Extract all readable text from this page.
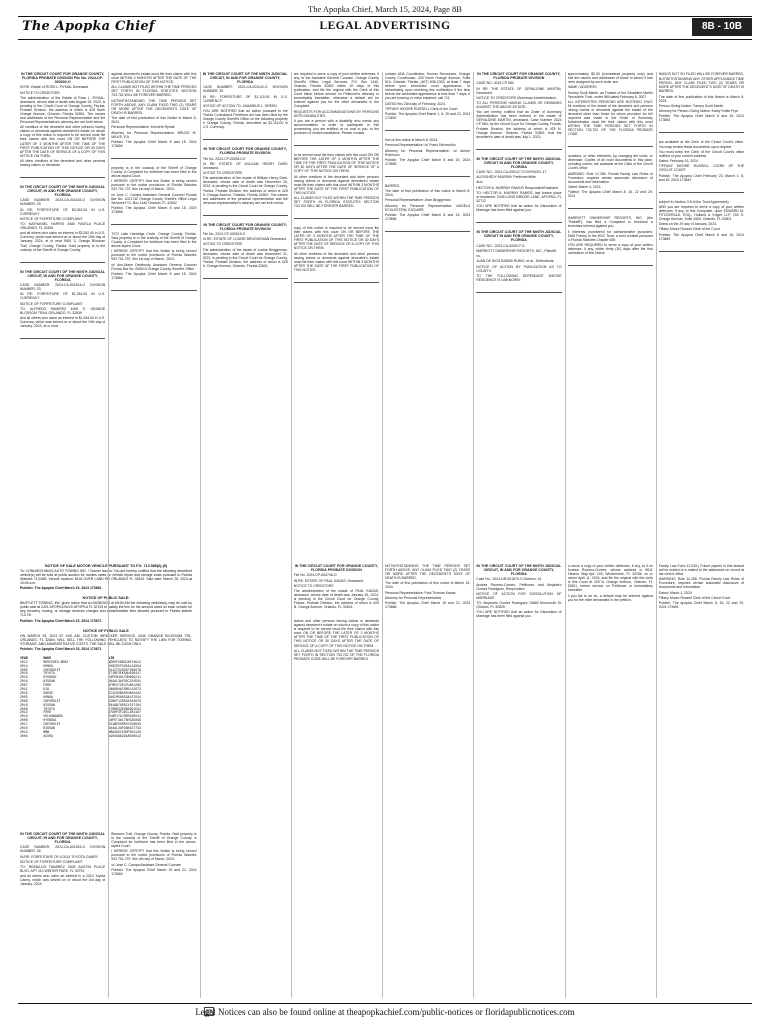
The Apopka Chief, March 15, 2024, Page 8B
The Apopka Chief	LEGAL ADVERTISING	8B - 10B

IN THE CIRCUIT COURT FOR ORANGE COUNTY, FLORIDA PROBATE DIVISION File No. 2024-CP-000300-O

IN RE: Estate of ROSS L. RYMAL Deceased.

NOTICE TO CREDITORS

The administration of the Estate of Ross L. RYMAL, deceased, whose date of death was August 15, 2023, is pending in the Circuit Court of Orange County, Florida, Probate Division, the address of which is 425 North Orange Avenue, Orlando, Florida 32801. The names and addresses of the Personal Representative and the Personal Representative's attorney are set forth below.

All creditors of the decedent and other persons having claims or demands against decedent's estate on whom a copy of this notice is required to be served must file their claims with this court ON OR BEFORE THE LATER OF 3 MONTHS AFTER THE TIME OF THE FIRST PUBLICATION OF THIS NOTICE OR 30 DAYS AFTER THE DATE OF SERVICE OF A COPY OF THIS NOTICE ON THEM.

All other creditors of the decedent and other persons having claims or demands

IN THE CIRCUIT COURT OF THE NINTH JUDICIAL CIRCUIT, IN AND FOR ORANGE COUNTY, FLORIDA

CASE NUMBER: 2024-CA-001163-O DIVISION NUMBER: 33

IN RE: FORFEITURE OF $3,262.00 IN U.S. CURRENCY

NOTICE OF FORFEITURE COMPLAINT

TO: NATHANIEL HARRIS 3480 FAVELA PLACE ORLANDO, FL 32839

and all others who claim an interest in $3,262.00 in U.S. Currency, which was seized on or about the 15th day of January, 2024, at or near 5901 S. Orange Blossom Trail, Orange County, Florida. Said property is in the custody of the Sheriff of Orange County.

IN THE CIRCUIT COURT OF THE NINTH JUDICIAL CIRCUIT, IN AND FOR ORANGE COUNTY, FLORIDA

CASE NUMBER: 2024-CA-001614-O DIVISION NUMBER: 33

IN RE: FORFEITURE OF $1,284.00 IN U.S. CURRENCY

NOTICE OF FORFEITURE COMPLAINT

TO: ALFREDO RAMIREZ 4905 S. ORANGE BLOSSOM TRAIL ORLANDO, FL 32839

and all others who claim an interest in $1,284.00 in U.S. Currency, which was seized on or about the 19th day of January, 2024, at or near

against decedent's estate must file their claims with this court WITHIN 3 MONTHS AFTER THE DATE OF THE FIRST PUBLICATION OF THIS NOTICE.

ALL CLAIMS NOT FILED WITHIN THE TIME PERIODS SET FORTH IN FLORIDA STATUTES SECTION 733.702 WILL BE FOREVER BARRED.

NOTWITHSTANDING THE TIME PERIODS SET FORTH ABOVE, ANY CLAIM FILED TWO (2) YEARS OR MORE AFTER THE DECEDENT'S DATE OF DEATH IS BARRED.

The date of first publication of this Notice is March 8, 2024.

Personal Representative: Kenneth Rymal

Attorney for Personal Representative: BRUCE M. WILKE, P.A.

Publish: The Apopka Chief March 8 and 15, 2024 173654

property is in the custody of the Sheriff of Orange County. A Complaint for forfeiture has been filed in the above-styled Court.

I HEREBY CERTIFY that this Notice is being served pursuant to the notice provisions of Florida Statutes 932.701-707, this 1st day of March, 2024.

/s/ Jose C. Campa Assistant General Counsel Florida Bar No. 1021740 Orange County Sheriff's Office Legal Services P.O. Box 1440 Orlando, FL 32802

Publish: The Apopka Chief March 8 and 15, 2024 173658

7972 Lake Hartridge Circle, Orange County, Florida. Said property is in the custody of the Sheriff of Orange County. A Complaint for forfeiture has been filed in the above-styled Court.

I HEREBY CERTIFY that this Notice is being served pursuant to the notice provisions of Florida Statutes 932.701-707, this 1st day of March, 2024.

/s/ Ann-Marie Delahunty Assistant General Counsel Florida Bar No. 006513 Orange County Sheriff's Office

Publish: The Apopka Chief March 8 and 15, 2024 173660

IN THE CIRCUIT COURT OF THE NINTH JUDICIAL CIRCUIT, IN AND FOR ORANGE COUNTY, FLORIDA

CASE NUMBER: 2024-CA-001142-O DIVISION NUMBER: 35

IN RE: FORFEITURE OF $1,115.00 IN U.S. CURRENCY

NOTICE OF ACTION TO: JAMARIUS L. GREEN

YOU ARE NOTIFIED that an action pursuant to the Florida Contraband Forfeiture Act has been filed by the Orange County Sheriff's Office on the following property in Orange County, Florida, described as $1,115.00 in U.S. Currency.

IN THE CIRCUIT COURT FOR ORANGE COUNTY, FLORIDA PROBATE DIVISION

File No. 2024-CP-000510-O

IN RE: ESTATE OF WILLIAM HENRY DARK Deceased.

NOTICE TO CREDITORS

The administration of the estate of William Henry Dark, deceased, whose date of death was December 16, 2023, is pending in the Circuit Court for Orange County, Florida, Probate Division, the address of which is 425 N. Orange Avenue, Orlando, Florida 32801. The names and addresses of the personal representative and the personal representative's attorney are set forth below.

IN THE CIRCUIT COURT FOR ORANGE COUNTY, FLORIDA PROBATE DIVISION

File No. 2024-CP-000619-O

IN RE: ESTATE OF LOUISE BRUGGEMAN Deceased.

NOTICE TO CREDITORS

The administration of the estate of Louise Bruggeman, deceased, whose date of death was November 21, 2023, is pending in the Circuit Court for Orange County, Florida, Probate Division, the address of which is 425 N. Orange Avenue, Orlando, Florida 32801.

are required to serve a copy of your written defenses, if any, to the Assistant General Counsel, Orange County Sheriff's Office, Legal Services, P.O. Box 1440, Orlando, Florida 32802 within 20 days of this publication, and file the original with the Clerk of this Court either before service on Petitioner's attorney or immediately thereafter; otherwise a default will be entered against you for the relief demanded in the Complaint.

REQUESTS FOR ACCOMMODATIONS BY PERSONS WITH DISABILITIES.

If you are a person with a disability who needs any accommodation in order to participate in this proceeding, you are entitled, at no cost to you, to the provision of certain assistance. Please contact

to be served must file their claims with this court ON OR BEFORE THE LATER OF 3 MONTHS AFTER THE TIME OF THE FIRST PUBLICATION OF THIS NOTICE OR 30 DAYS AFTER THE DATE OF SERVICE OF A COPY OF THIS NOTICE ON THEM.

All other creditors of the decedent and other persons having claims or demands against decedent's estate must file their claims with this court WITHIN 3 MONTHS AFTER THE DATE OF THE FIRST PUBLICATION OF THIS NOTICE.

ALL CLAIMS NOT FILED WITHIN THE TIME PERIODS SET FORTH IN FLORIDA STATUTES SECTION 733.702 WILL BE FOREVER BARRED.

copy of this notice is required to be served must file their claims with this court ON OR BEFORE THE LATER OF 3 MONTHS AFTER THE TIME OF THE FIRST PUBLICATION OF THIS NOTICE OR 30 DAYS AFTER THE DATE OF SERVICE OF A COPY OF THIS NOTICE ON THEM.

All other creditors of the decedent and other persons having claims or demands against decedent's estate must file their claims with this court WITHIN 3 MONTHS AFTER THE DATE OF THE FIRST PUBLICATION OF THIS NOTICE.

contact ADA Coordinator, Human Resources, Orange County Courthouse, 425 North Orange Avenue, Suite 510, Orlando, Florida, (407) 836-2303, at least 7 days before your scheduled court appearance, or immediately upon receiving this notification if the time before the scheduled appearance is less than 7 days; if you are hearing or voice impaired, call 711.

DATED this 23rd day of February, 2024.

TIFFANY MOORE RUSSELL Clerk of the Court

Publish: The Apopka Chief March 1, 8, 15 and 22, 2024 173630

tion of this notice is March 8, 2024.

Personal Representative: /s/ Frank Delvecchio

Attorney for Personal Representative: /s/ Amber Robinson

Publish: The Apopka Chief March 8 and 15, 2024 173655

BARRED.

The date of first publication of this notice is March 8, 2024.

Personal Representative: Jean Bruggeman

Attorney for Personal Representative: ANGELA ECKLESTEIN, ESQUIRE

Publish: The Apopka Chief March 8 and 15, 2024 173656

IN THE CIRCUIT COURT FOR ORANGE COUNTY, FLORIDA PROBATE DIVISION

CASE NO. 2024 CP 584

IN RE: THE ESTATE OF GERALDINE MARTIN, Deceased.

NOTICE TO CREDITORS (Summary Administration)

TO ALL PERSONS HAVING CLAIMS OR DEMANDS AGAINST THE ABOVE ESTATE:

You are hereby notified that an Order of Summary Administration has been entered in the estate of GERALDINE MARTIN, deceased, Case Number 2024 CP 584, by the Circuit Court for Orange County, Florida, Probate Division, the address of which is 425 N. Orange Avenue, Orlando, Florida 32801; that the decedent's date of death was July 1, 2023.

IN THE CIRCUIT COURT OF THE NINTH JUDICIAL CIRCUIT IN AND FOR ORANGE COUNTY, FLORIDA

CASE NO.: 2024-CA-000127-O DIVISION: 47

ALEXSHEDY MURRAY Petitioner/Wife

And

HECTOR A. MURRAY RAMOS Respondent/Husband

TO: HECTOR A. MURRAY RAMOS, last known place of residence: 2445 LONG BRIDGE LANE, APOPKA, FL 32712

YOU ARE NOTIFIED that an action for Dissolution of Marriage has been filed against you.

IN THE CIRCUIT COURT OF THE NINTH JUDICIAL CIRCUIT IN AND FOR ORANGE COUNTY, FLORIDA

CASE NO.: 2023-CA-009017-O

MARRIOTT OWNERSHIP RESORTS, INC., Plaintiff,

vs.

JUAN DE DIOS BARBA RUBIO, et al., Defendants.

NOTICE OF ACTION BY PUBLICATION AS TO COUNT II

TO THE FOLLOWING DEFENDANT WHOSE RESIDENCE IS UNKNOWN:

approximately $0.00 (homestead property only) and that the names and addresses of those to whom it has been assigned by such order are:

NAME / ADDRESS

Tommy Scott Martin, as Trustee of the Geraldine Martin Revocable Trust, under Will dated February 6, 2007.

ALL INTERESTED PERSONS ARE NOTIFIED THAT: All creditors of the estate of the decedent and persons having claims or demands against the estate of the decedent other than those for whom provision for full payment was made in the Order of Summary Administration must file their claims with this court WITHIN THE TIME PERIODS SET FORTH IN SECTION 733.702 OF THE FLORIDA PROBATE CODE.

locations, or other elements, by changing the locks, or otherwise. Copies of all court documents in this case, including orders, are available at the Clerk of the Circuit Court's office.

WARNING: Rule 12.285, Florida Family Law Rules of Procedure, requires certain automatic disclosure of documents and information.

Dated: March 4, 2024

Publish: The Apopka Chief March 8, 15, 22 and 29, 2024

MARRIOTT OWNERSHIP RESORTS, INC. (the "Plaintiff"), has filed a Complaint to foreclose a timeshare interest against you.

4 Interests (numbered for administrative purposes: 1969 Points) in the MVC Trust, a trust created pursuant to Florida Statutes Chapter 689.

YOU ARE REQUIRED to serve a copy of your written defenses, if any, within thirty (30) days after the first publication of this Notice.

NANOS NOT SO FILED WILL BE FOREVER BARRED.

NOTWITHSTANDING ANY OTHER APPLICABLE TIME PERIOD, ANY CLAIM FILED TWO (2) YEARS OR MORE AFTER THE DECEDENT'S DATE OF DEATH IS BARRED.

The date of first publication of this Notice is March 8, 2024.

Person Giving Notice: Tommy Scott Martin

Attorney for Person Giving Notice: Kathy Smith Frye

Publish: The Apopka Chief March 8 and 15, 2024 173653

are available at the Clerk of the Circuit Court's office. You may review these documents upon request.

You must keep the Clerk of the Circuit Court's office notified of your current address.

Dated: February 16, 2024

TIFFANY MOORE RUSSELL CLERK OF THE CIRCUIT COURT

Publish: The Apopka Chief February 23, March 1, 8, and 15, 2024 173549

subject to Section 3.5 of the Trust Agreement).

AND you are required to serve a copy of your written defenses, if any, to this Complaint, upon EDWARD M. FITZGERALD, ESQ., Holland & Knight LLP, 200 S. Orange Avenue, Suite 2600, Orlando, FL 32801.

Dated on the 29 day of January, 2024.

Tiffany Moore Russell Clerk of the Court

Publish: The Apopka Chief March 8 and 15, 2024 173659

NOTICE OF SALE MOTOR VEHICLE PURSUANT TO F.S. 713.585(6)-(9)
To: CONNIE/CHINA'S AUTO TOWING INC. / Towner issues: You are hereby notified that the following described vehicle(s) will be sold at public auction for monies owed on vehicle repair and storage costs pursuant to Florida Statutes 713.585. Vehicle location: 8118 OVER LAND RD ORLANDO FL 32810. Sale date: March 28, 2024 at 10:00 a.m.
Publish: The Apopka Chief March 15, 2024 173662
NOTICE OF PUBLIC SALE:
BARTLETT TOWING, INC gives notice that on 04/08/2024 at 08:00 AM the following vehicles(s) may be sold by public sale at 2421 APOPKA BLVD APOPKA FL 32703 to satisfy the lien for the amount owed on each vehicle for any recovery, towing, or storage services charges and administrative fees allowed pursuant to Florida statute 713.78.
Publish: The Apopka Chief March 15, 2024 173672
NOTICE OF PUBLIC SALE
ON MARCH 29, 2024 AT 9:00 AM, CUSTOM WRECKER SERVICE, 4440 ORANGE BLOSSOM TRL, ORLANDO, FL 32804, WILL SELL THE FOLLOWING VEHICLE(S) TO SATISFY THE LIEN FOR TOWING, STORAGE, AND ADMINISTRATIVE COSTS. THE SALE WILL BE CASH ONLY.
Publish: The Apopka Chief March 15, 2024 173671
YEAR	MAKE	VIN
2012	MERCEDES-BENZ	WDDHF5KB3CA574612
2014	HONDA	1HGCR2F32EA112094
2005	CHEVROLET	1G1ZT52855F209876
2010	TOYOTA	4T1BF3EK5AU030447
2013	HYUNDAI	5NPEB4AC7DH698211
2016	NISSAN	1N4AL3AP3GC224501
2007	FORD	1FMEU73E47UA01265
2011	KIA	KNAGM4A7XB5112073
2015	DODGE	2C3CDXBG5FH803442
2003	HONDA	1HGCM56653A127834
2009	CHEVROLET	1GNDT13S592102876
2018	NISSAN	3N1AB7AP8JY227104
2006	TOYOTA	JTDBR32E860091552
2012	FORD	1FAHP3F29CL301187
2014	VOLKSWAGEN	3VWD17AJ5EM246011
2008	HYUNDAI	5NPET46C78H325099
2017	CHEVROLET	1G1BE5SM5H7158643
2010	NISSAN	1N4AL2AP2AN427733
2013	BMW	WBA3A5C53DF354128
2004	ACURA	19UUA66294A040912

IN THE CIRCUIT COURT FOR ORANGE COUNTY, FLORIDA PROBATE DIVISION

File No. 2024-CP-000748-O

IN RE: ESTATE OF PAUL KADAS, Deceased.

NOTICE TO CREDITORS

The administration of the estate of PAUL KADAS, deceased, whose date of death was January 26, 2024, is pending in the Circuit Court for Orange County, Florida, Probate Division, the address of which is 425 N. Orange Avenue, Orlando, FL 32801.

claims and other persons having claims or demands against decedent's estate on whom a copy of this notice is required to be served must file their claims with this court ON OR BEFORE THE LATER OF 3 MONTHS AFTER THE TIME OF THE FIRST PUBLICATION OF THIS NOTICE OR 30 DAYS AFTER THE DATE OF SERVICE OF A COPY OF THIS NOTICE ON THEM.

ALL CLAIMS NOT FILED WITHIN THE TIME PERIODS SET FORTH IN SECTION 733.702 OF THE FLORIDA PROBATE CODE WILL BE FOREVER BARRED.

NOTWITHSTANDING THE TIME PERIODS SET FORTH ABOVE, ANY CLAIM FILED TWO (2) YEARS OR MORE AFTER THE DECEDENT'S DATE OF DEATH IS BARRED.

The date of first publication of this notice is March 15, 2024.

Personal Representative: Paul Thomas Kadas

Attorney for Personal Representative

Publish: The Apopka Chief March 15 and 22, 2024 173668

IN THE CIRCUIT COURT OF THE NINTH JUDICIAL CIRCUIT, IN AND FOR ORANGE COUNTY, FLORIDA

Case No.: 2024-DR-001879-O Division: 31

Andrea Romero-Gomez, Petitioner, and Alejandro Gomez Rodriguez, Respondent.

NOTICE OF ACTION FOR DISSOLUTION OF MARRIAGE

TO: Alejandro Gomez Rodriguez 10680 Monmouth Dr Orlando, FL 32825

YOU ARE NOTIFIED that an action for Dissolution of Marriage has been filed against you.

to serve a copy of your written defenses, if any, to it on Andrea Romero-Gomez, whose address is 8611 Eleanor Way Apt. 193, Windermere, FL 34786, on or before April 11, 2024, and file the original with the clerk of this Court at 425 N. Orange Avenue, Orlando, FL 32801, before service on Petitioner or immediately thereafter.

If you fail to do so, a default may be entered against you for the relief demanded in the petition.

Family Law Form 12.915.) Future papers in this lawsuit will be mailed or e-mailed to the addresses on record at the clerk's office.

WARNING: Rule 12.285, Florida Family Law Rules of Procedure, requires certain automatic disclosure of documents and information.

Dated: March 1, 2024

Tiffany Moore Russell Clerk of the Circuit Court

Publish: The Apopka Chief March 8, 15, 22 and 29, 2024 173651

IN THE CIRCUIT COURT OF THE NINTH JUDICIAL CIRCUIT, IN AND FOR ORANGE COUNTY, FLORIDA

CASE NUMBER: 2024-CA-001533-O DIVISION NUMBER: 36

IN RE: FORFEITURE OF A 2014 TOYOTA CAMRY

NOTICE OF FORFEITURE COMPLAINT

TO: REINALDO RAMIREZ 2005 AUSTIN PLACE BLVD. APT 110 WINTER PARK, FL 32792

and all others who claim an interest in a 2014 Toyota Camry, which was seized on or about the 3rd day of January, 2024.

Blossom Trail, Orange County, Florida. Said property is in the custody of the Sheriff of Orange County. A Complaint for forfeiture has been filed in the above-styled Court.

I HEREBY CERTIFY that this Notice is being served pursuant to the notice provisions of Florida Statutes 932.701-707, this 4th day of March, 2024.

/s/ Jose C. Campa Assistant General Counsel

Publish: The Apopka Chief March 15 and 22, 2024 173664

Legal Notices can also be found online at theapopkachief.com/public-notices or floridapublicnotices.com
